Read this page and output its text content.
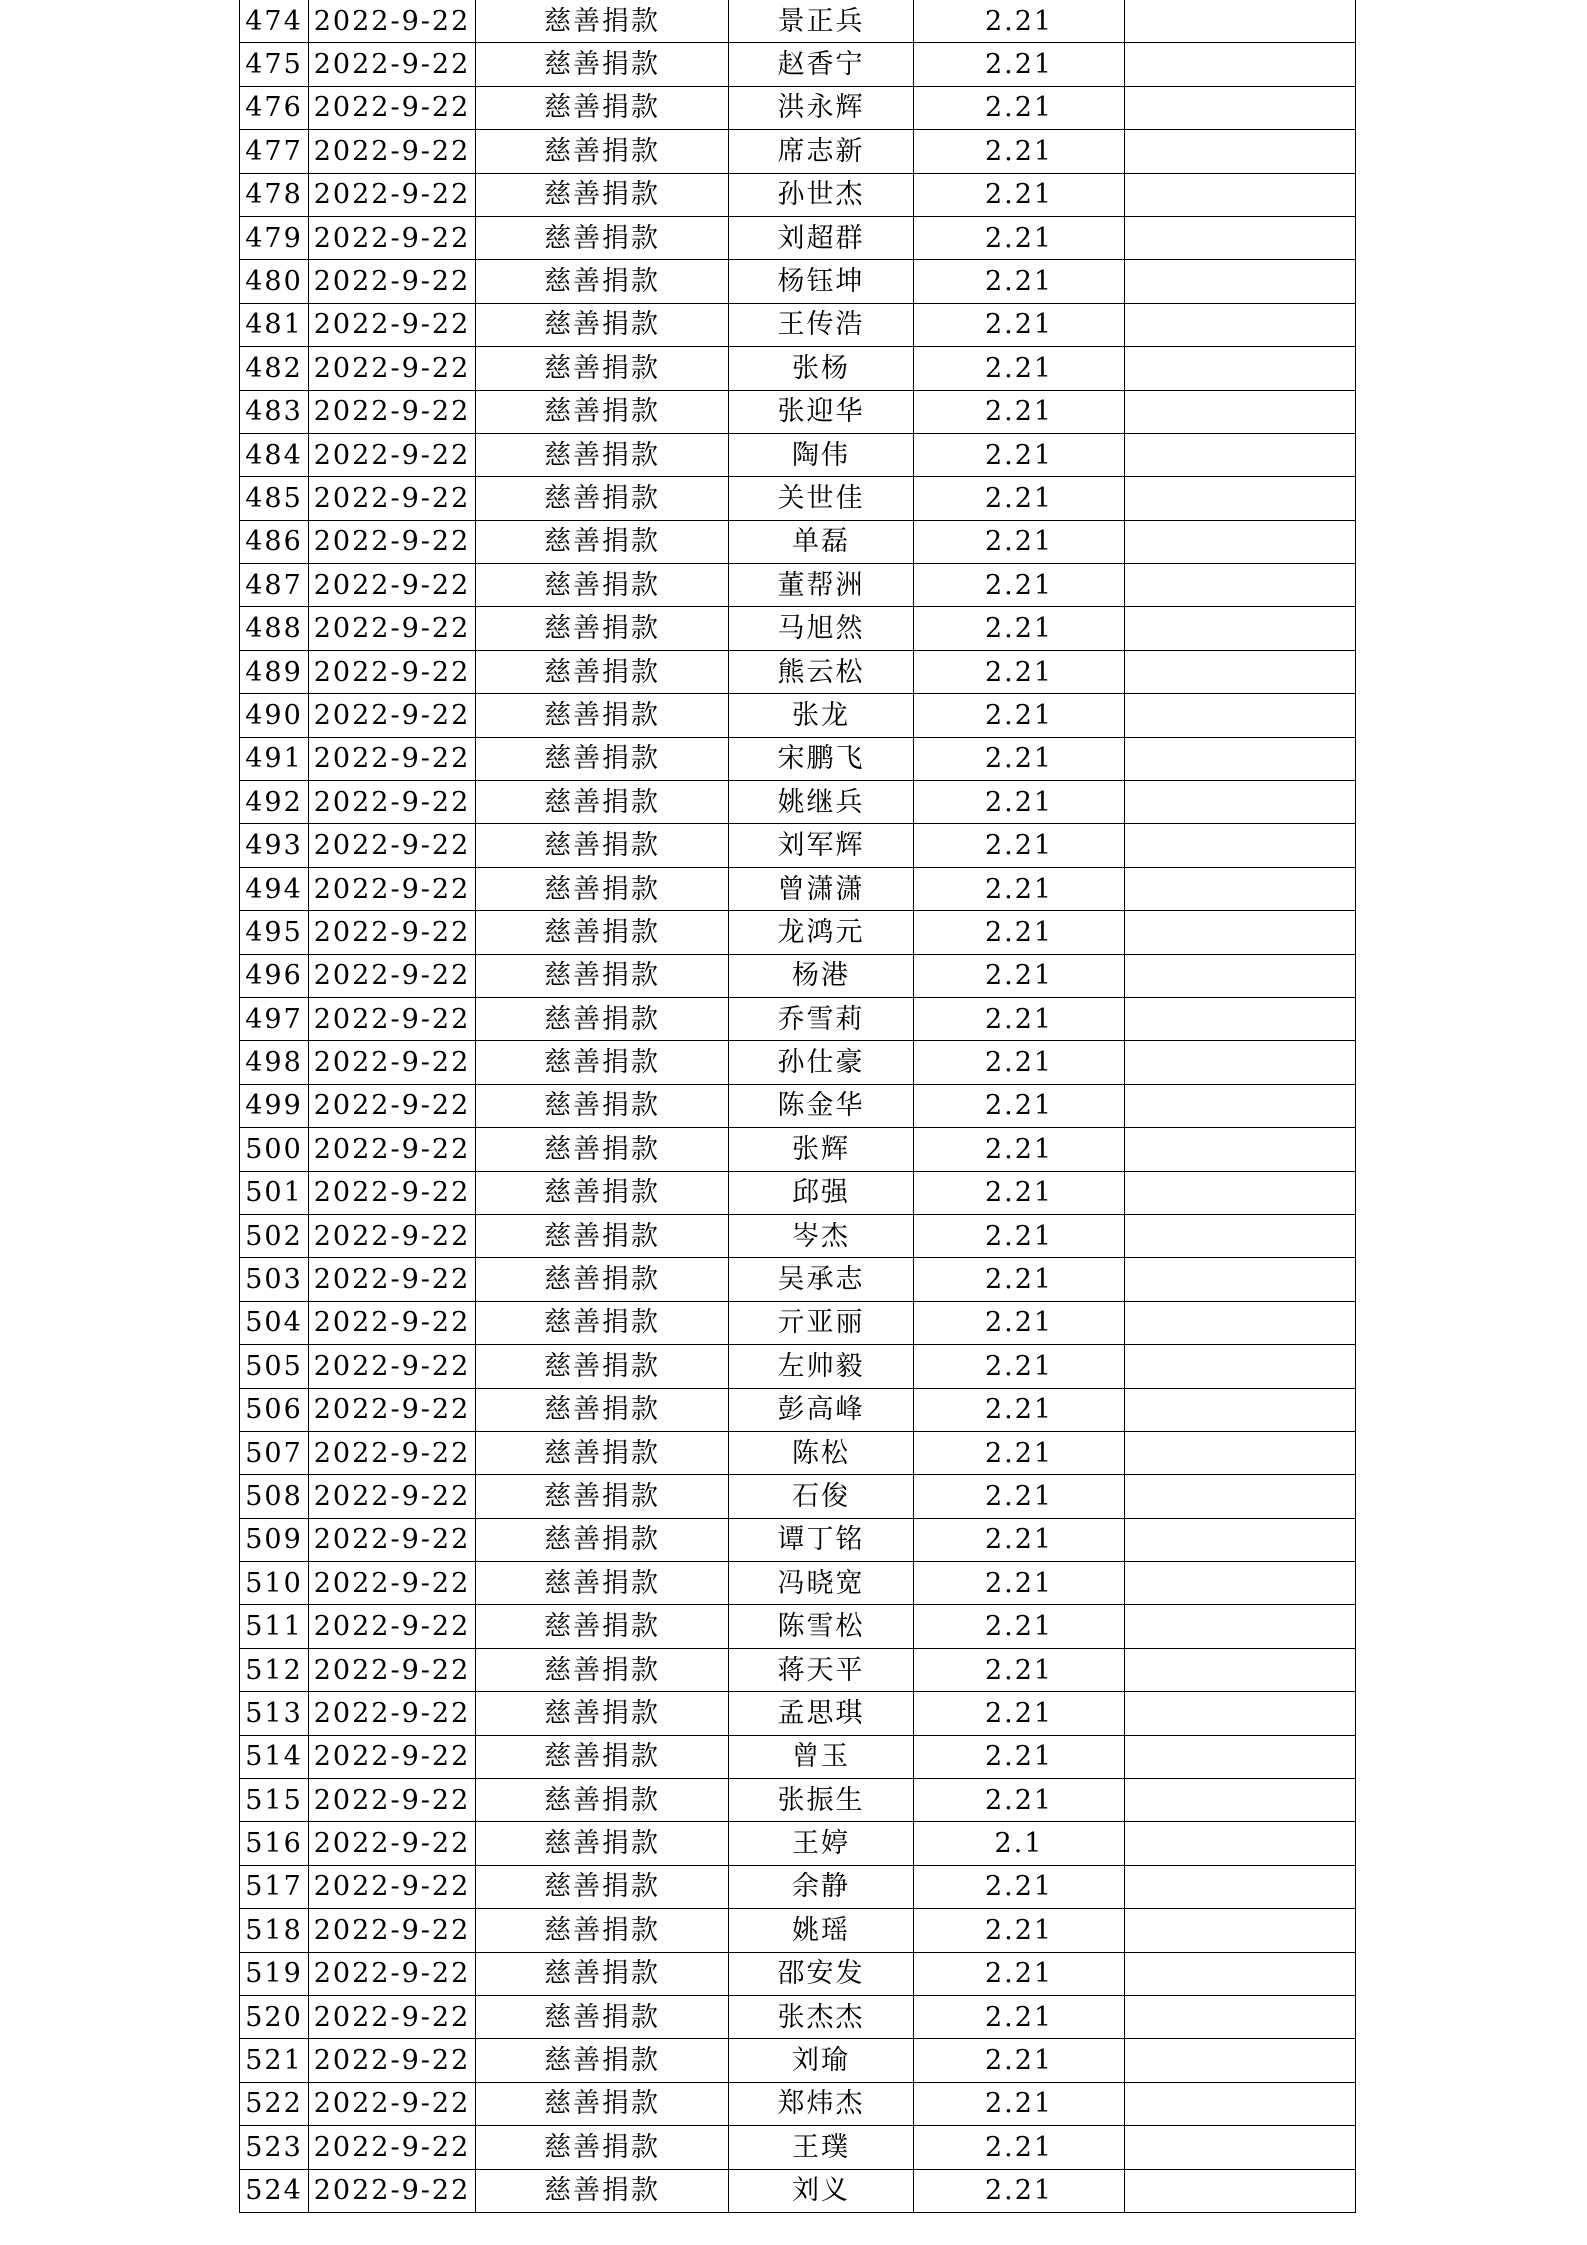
474	2022-9-22	慈善捐款	景正兵	2.21	
475	2022-9-22	慈善捐款	赵香宁	2.21	
476	2022-9-22	慈善捐款	洪永辉	2.21	
477	2022-9-22	慈善捐款	席志新	2.21	
478	2022-9-22	慈善捐款	孙世杰	2.21	
479	2022-9-22	慈善捐款	刘超群	2.21	
480	2022-9-22	慈善捐款	杨钰坤	2.21	
481	2022-9-22	慈善捐款	王传浩	2.21	
482	2022-9-22	慈善捐款	张杨	2.21	
483	2022-9-22	慈善捐款	张迎华	2.21	
484	2022-9-22	慈善捐款	陶伟	2.21	
485	2022-9-22	慈善捐款	关世佳	2.21	
486	2022-9-22	慈善捐款	单磊	2.21	
487	2022-9-22	慈善捐款	董帮洲	2.21	
488	2022-9-22	慈善捐款	马旭然	2.21	
489	2022-9-22	慈善捐款	熊云松	2.21	
490	2022-9-22	慈善捐款	张龙	2.21	
491	2022-9-22	慈善捐款	宋鹏飞	2.21	
492	2022-9-22	慈善捐款	姚继兵	2.21	
493	2022-9-22	慈善捐款	刘军辉	2.21	
494	2022-9-22	慈善捐款	曾潇潇	2.21	
495	2022-9-22	慈善捐款	龙鸿元	2.21	
496	2022-9-22	慈善捐款	杨港	2.21	
497	2022-9-22	慈善捐款	乔雪莉	2.21	
498	2022-9-22	慈善捐款	孙仕豪	2.21	
499	2022-9-22	慈善捐款	陈金华	2.21	
500	2022-9-22	慈善捐款	张辉	2.21	
501	2022-9-22	慈善捐款	邱强	2.21	
502	2022-9-22	慈善捐款	岑杰	2.21	
503	2022-9-22	慈善捐款	吴承志	2.21	
504	2022-9-22	慈善捐款	亓亚丽	2.21	
505	2022-9-22	慈善捐款	左帅毅	2.21	
506	2022-9-22	慈善捐款	彭高峰	2.21	
507	2022-9-22	慈善捐款	陈松	2.21	
508	2022-9-22	慈善捐款	石俊	2.21	
509	2022-9-22	慈善捐款	谭丁铭	2.21	
510	2022-9-22	慈善捐款	冯晓宽	2.21	
511	2022-9-22	慈善捐款	陈雪松	2.21	
512	2022-9-22	慈善捐款	蒋天平	2.21	
513	2022-9-22	慈善捐款	孟思琪	2.21	
514	2022-9-22	慈善捐款	曾玉	2.21	
515	2022-9-22	慈善捐款	张振生	2.21	
516	2022-9-22	慈善捐款	王婷	2.1	
517	2022-9-22	慈善捐款	余静	2.21	
518	2022-9-22	慈善捐款	姚瑶	2.21	
519	2022-9-22	慈善捐款	邵安发	2.21	
520	2022-9-22	慈善捐款	张杰杰	2.21	
521	2022-9-22	慈善捐款	刘瑜	2.21	
522	2022-9-22	慈善捐款	郑炜杰	2.21	
523	2022-9-22	慈善捐款	王璞	2.21	
524	2022-9-22	慈善捐款	刘义	2.21	
